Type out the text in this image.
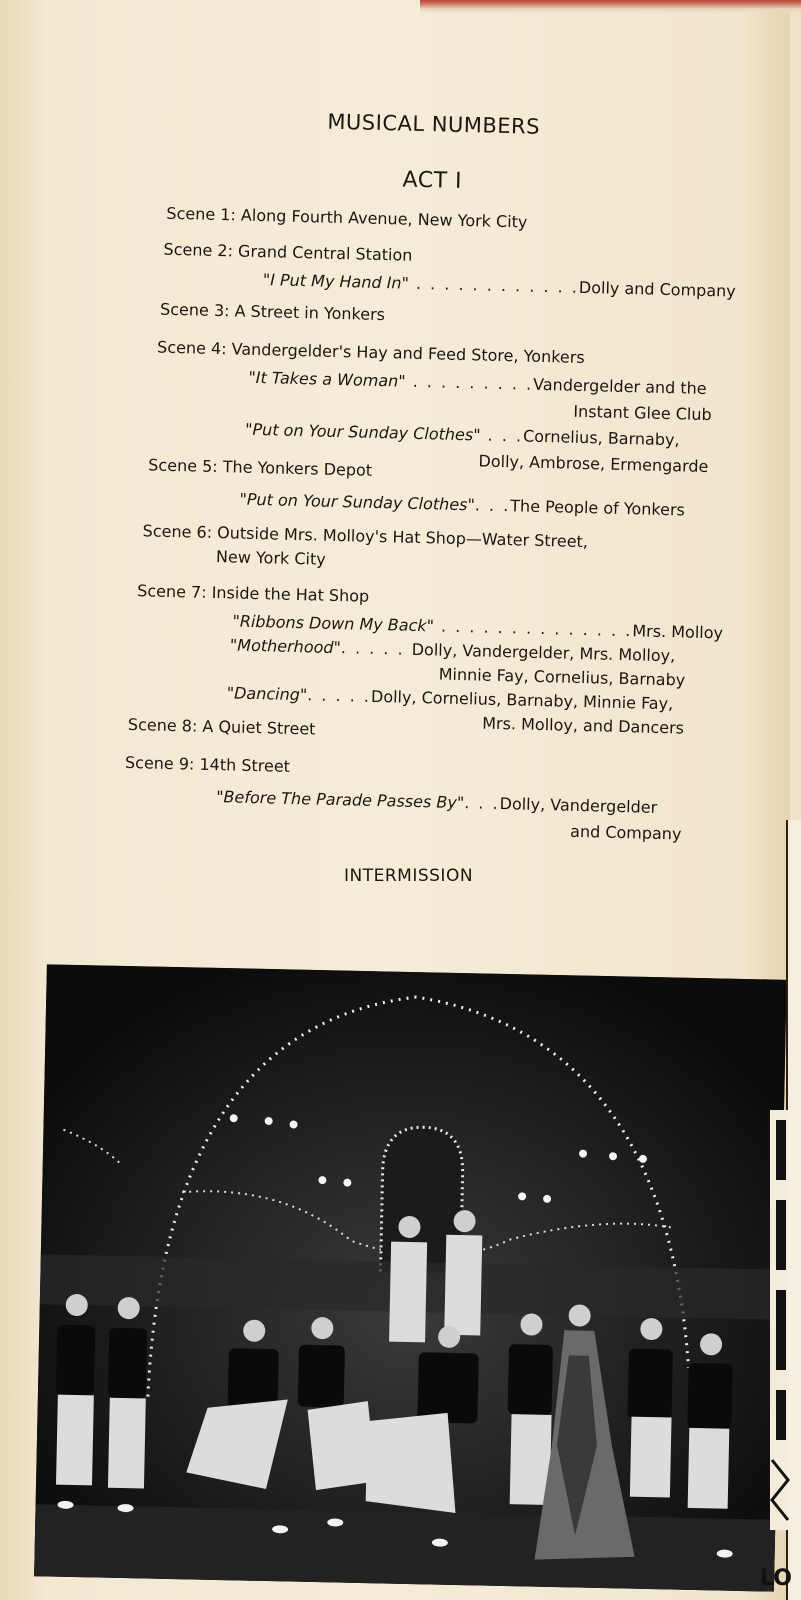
MUSICAL NUMBERS
ACT I
Scene 1: Along Fourth Avenue, New York City
Scene 2: Grand Central Station
"I Put My Hand In" . . . . . . . . . . . .Dolly and Company
Scene 3: A Street in Yonkers
Scene 4: Vandergelder's Hay and Feed Store, Yonkers
"It Takes a Woman" . . . . . . . . .Vandergelder and the
Instant Glee Club
"Put on Your Sunday Clothes" . . .Cornelius, Barnaby,
Dolly, Ambrose, Ermengarde
Scene 5: The Yonkers Depot
"Put on Your Sunday Clothes". . .The People of Yonkers
Scene 6: Outside Mrs. Molloy's Hat Shop—Water Street,
New York City
Scene 7: Inside the Hat Shop
"Ribbons Down My Back" . . . . . . . . . . . . . .Mrs. Molloy
"Motherhood". . . . . Dolly, Vandergelder, Mrs. Molloy,
Minnie Fay, Cornelius, Barnaby
"Dancing". . . . .Dolly, Cornelius, Barnaby, Minnie Fay,
Mrs. Molloy, and Dancers
Scene 8: A Quiet Street
Scene 9: 14th Street
"Before The Parade Passes By". . .Dolly, Vandergelder
and Company
INTERMISSION
LO
